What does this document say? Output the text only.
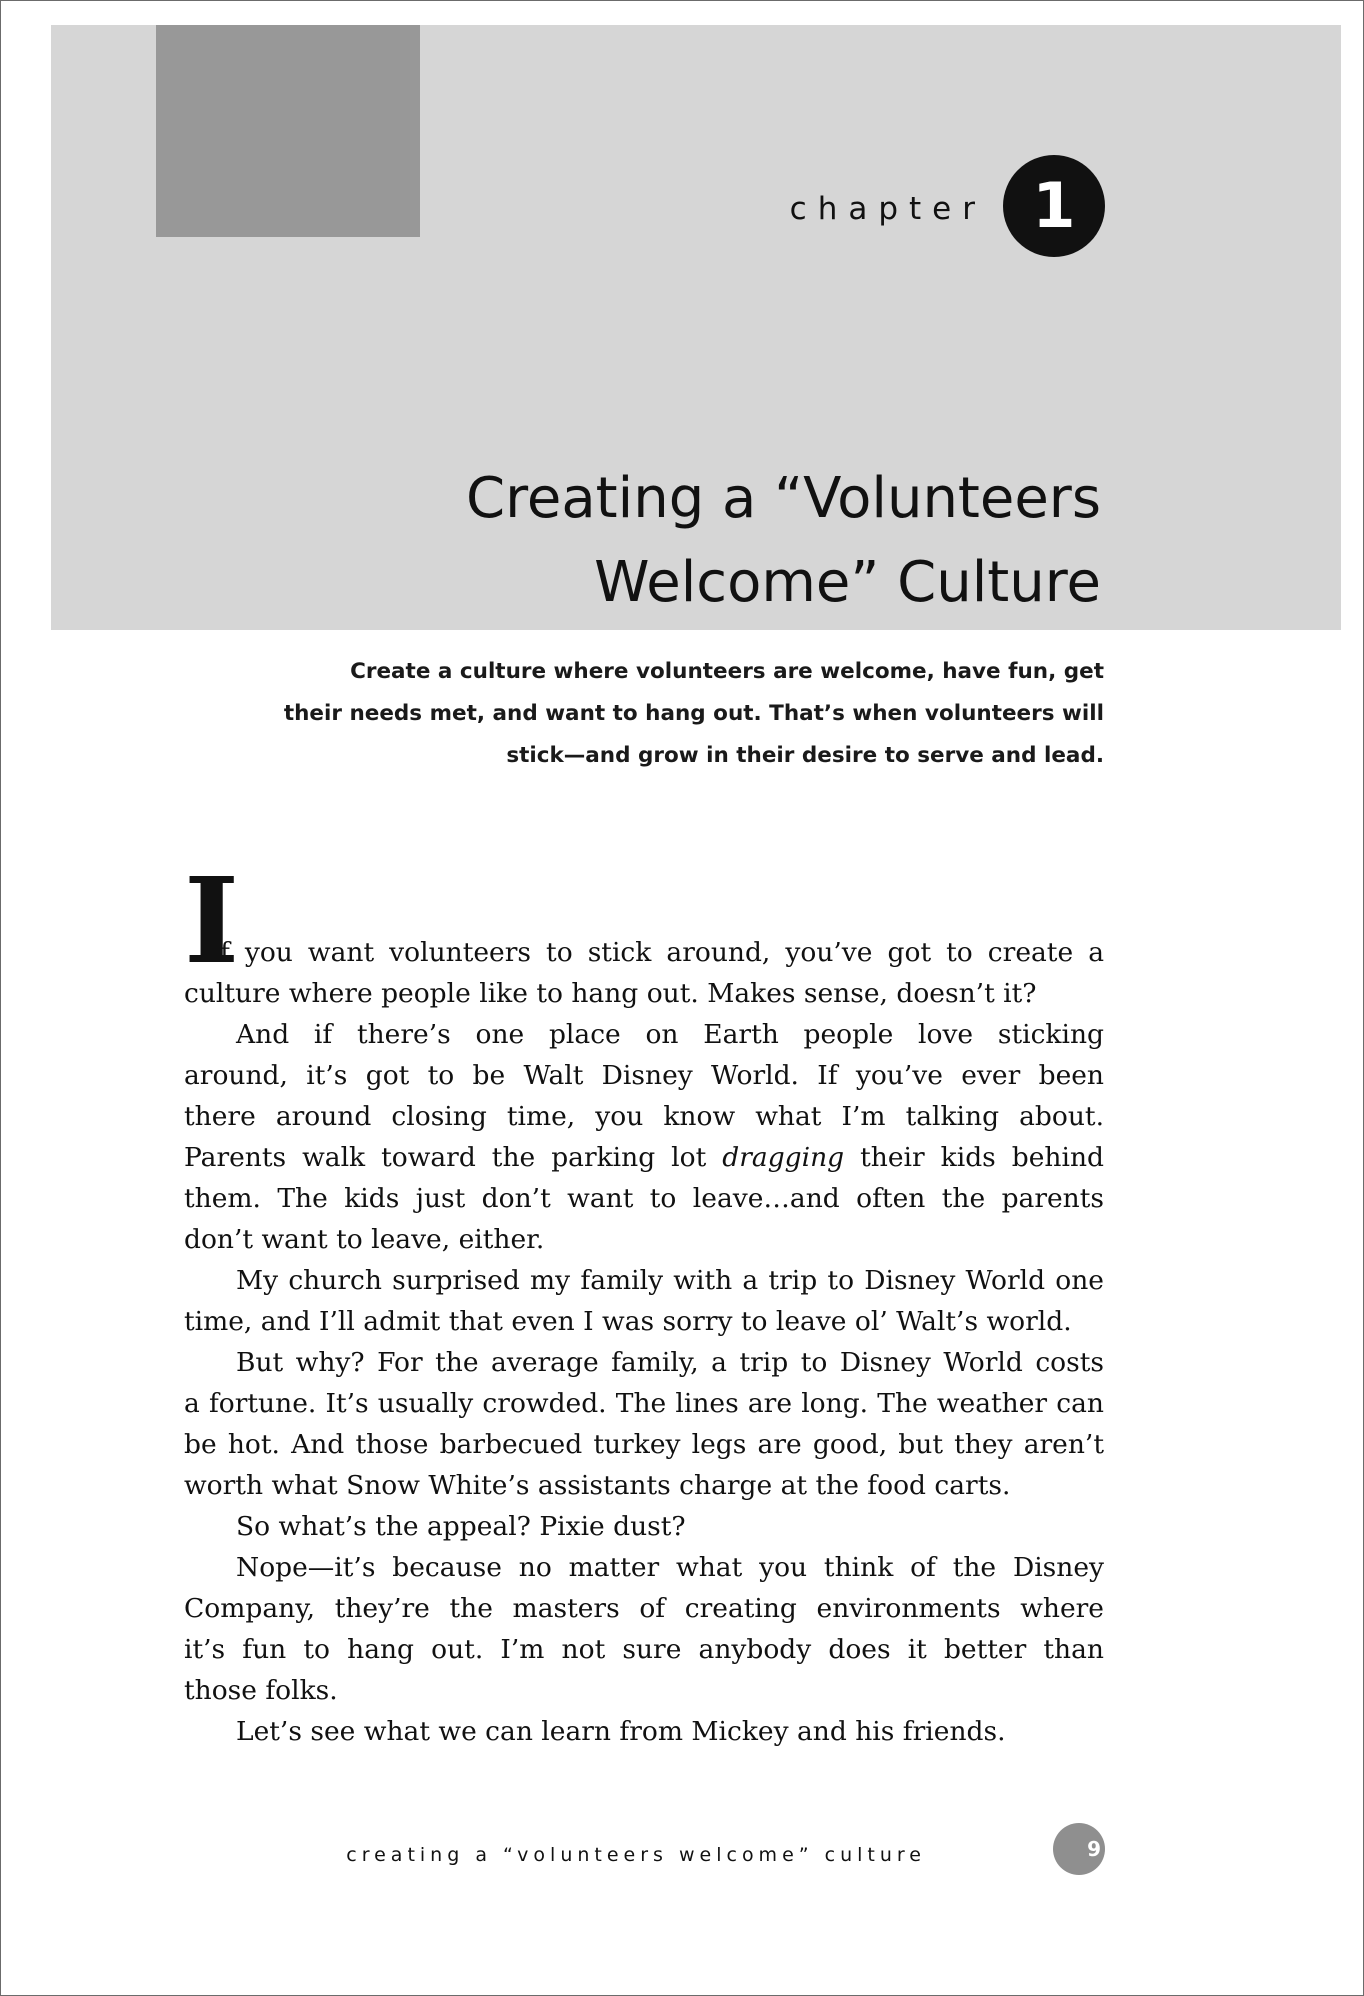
chapter 1
Creating a “Volunteers
Welcome” Culture
Create a culture where volunteers are welcome, have fun, get
their needs met, and want to hang out. That’s when volunteers will
stick—and grow in their desire to serve and lead.
I
f you want volunteers to stick around, you’ve got to create a
culture where people like to hang out. Makes sense, doesn’t it?
And if there’s one place on Earth people love sticking
around, it’s got to be Walt Disney World. If you’ve ever been
there around closing time, you know what I’m talking about.
Parents walk toward the parking lot dragging their kids behind
them. The kids just don’t want to leave…and often the parents
don’t want to leave, either.
My church surprised my family with a trip to Disney World one
time, and I’ll admit that even I was sorry to leave ol’ Walt’s world.
But why? For the average family, a trip to Disney World costs
a fortune. It’s usually crowded. The lines are long. The weather can
be hot. And those barbecued turkey legs are good, but they aren’t
worth what Snow White’s assistants charge at the food carts.
So what’s the appeal? Pixie dust?
Nope—it’s because no matter what you think of the Disney
Company, they’re the masters of creating environments where
it’s fun to hang out. I’m not sure anybody does it better than
those folks.
Let’s see what we can learn from Mickey and his friends.
creating a “volunteers welcome” culture	9
